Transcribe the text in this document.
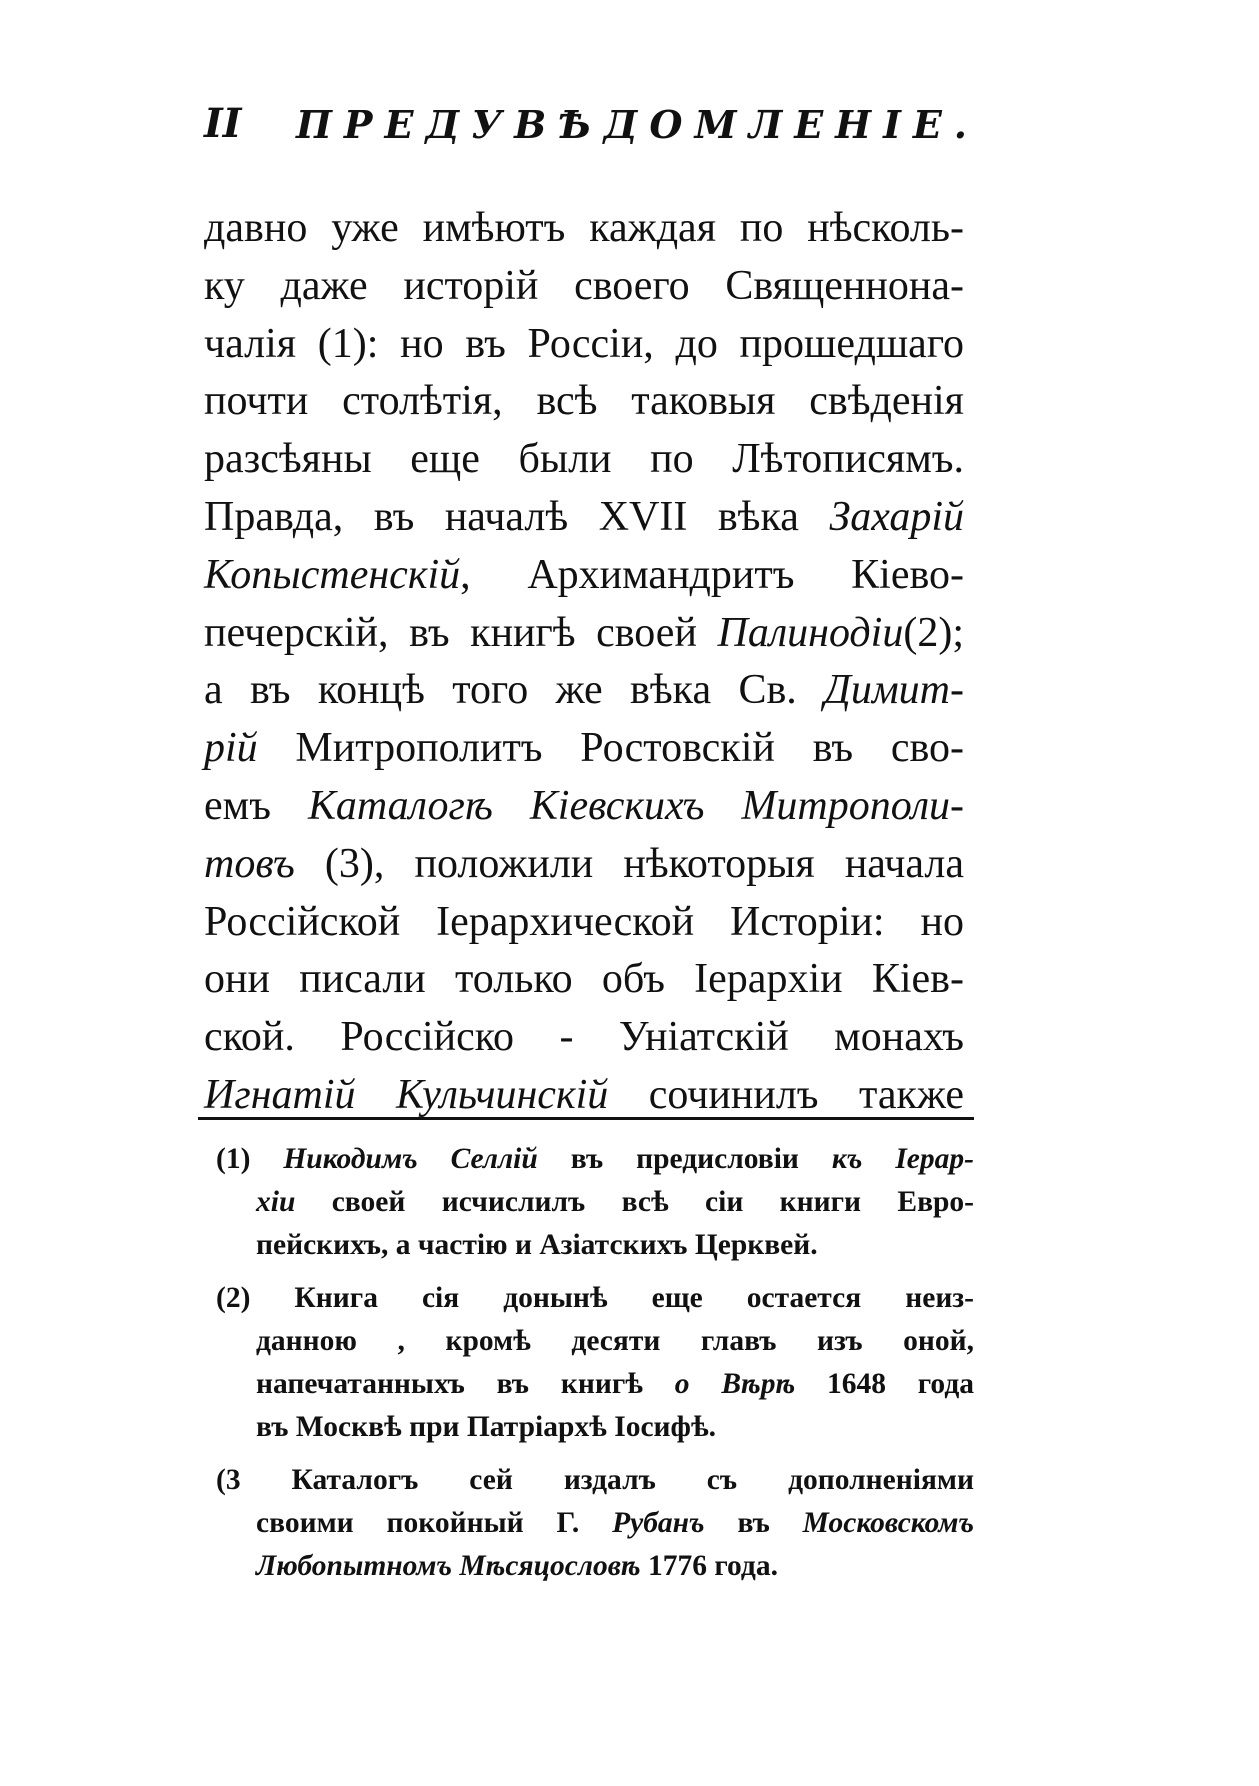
II ПРЕДУВѢДОМЛЕНІЕ.
давно уже имѣютъ каждая по нѣсколь-
ку даже исторій своего Священнона-
чалія (1): но въ Россіи, до прошедшаго
почти столѣтія, всѣ таковыя свѣденія
разсѣяны еще были по Лѣтописямъ.
Правда, въ началѣ XVII вѣка Захарій
Копыстенскій, Архимандритъ Кіево-
печерскій, въ книгѣ своей Палинодіи(2);
а въ концѣ того же вѣка Св. Димит-
рій Митрополитъ Ростовскій въ сво-
емъ Каталогѣ Кіевскихъ Митрополи-
товъ (3), положили нѣкоторыя начала
Россійской Іерархической Исторіи: но
они писали только объ Іерархіи Кіев-
ской. Россійско - Уніатскій монахъ
Игнатій Кульчинскій сочинилъ также
(1) Никодимъ Селлій въ предисловіи къ Іерар-
хіи своей исчислилъ всѣ сіи книги Евро-
пейскихъ, а частію и Азіатскихъ Церквей.
(2) Книга сія донынѣ еще остается неиз-
данною , кромѣ десяти главъ изъ оной,
напечатанныхъ въ книгѣ о Вѣрѣ 1648 года
въ Москвѣ при Патріархѣ Іосифѣ.
(3 Каталогъ сей издалъ съ дополненіями
своими покойный Г. Рубанъ въ Московскомъ
Любопытномъ Мѣсяцословѣ 1776 года.
